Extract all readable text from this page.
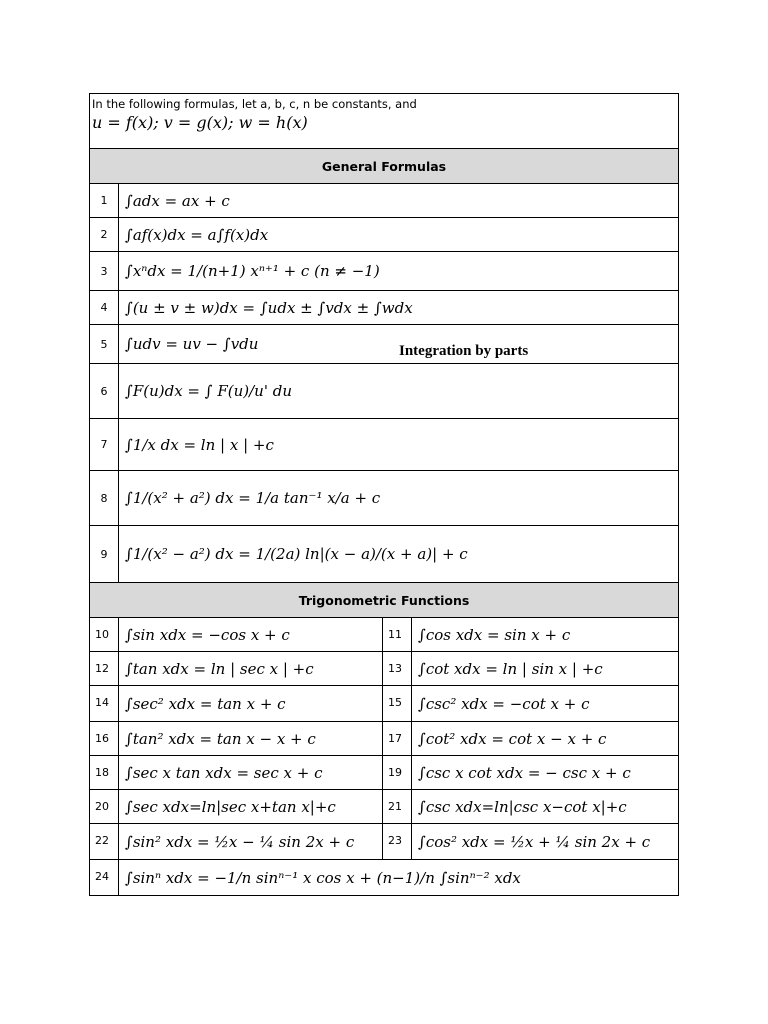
In the following formulas, let a, b, c, n be constants, and
u = f(x); v = g(x); w = h(x)			

General Formulas			
1	∫adx = ax + c		
2	∫af(x)dx = a∫f(x)dx		
3	∫xⁿdx = 1/(n+1) xⁿ⁺¹ + c (n ≠ −1)		
4	∫(u ± v ± w)dx = ∫udx ± ∫vdx ± ∫wdx		
5	∫udv = uv − ∫vdu Integration by parts		

6	∫F(u)dx = ∫ F(u)/u' du		
7	∫1/x dx = ln | x | +c		
8	∫1/(x² + a²) dx = 1/a tan⁻¹ x/a + c		
9	∫1/(x² − a²) dx = 1/(2a) ln|(x − a)/(x + a)| + c		
Trigonometric Functions			
10	∫sin xdx = −cos x + c	11	∫cos xdx = sin x + c
12	∫tan xdx = ln | sec x | +c	13	∫cot xdx = ln | sin x | +c
14	∫sec² xdx = tan x + c	15	∫csc² xdx = −cot x + c
16	∫tan² xdx = tan x − x + c	17	∫cot² xdx = cot x − x + c
18	∫sec x tan xdx = sec x + c	19	∫csc x cot xdx = − csc x + c
20	∫sec xdx=ln|sec x+tan x|+c	21	∫csc xdx=ln|csc x−cot x|+c
22	∫sin² xdx = ½x − ¼ sin 2x + c	23	∫cos² xdx = ½x + ¼ sin 2x + c
24	∫sinⁿ xdx = −1/n sinⁿ⁻¹ x cos x + (n−1)/n ∫sinⁿ⁻² xdx		
